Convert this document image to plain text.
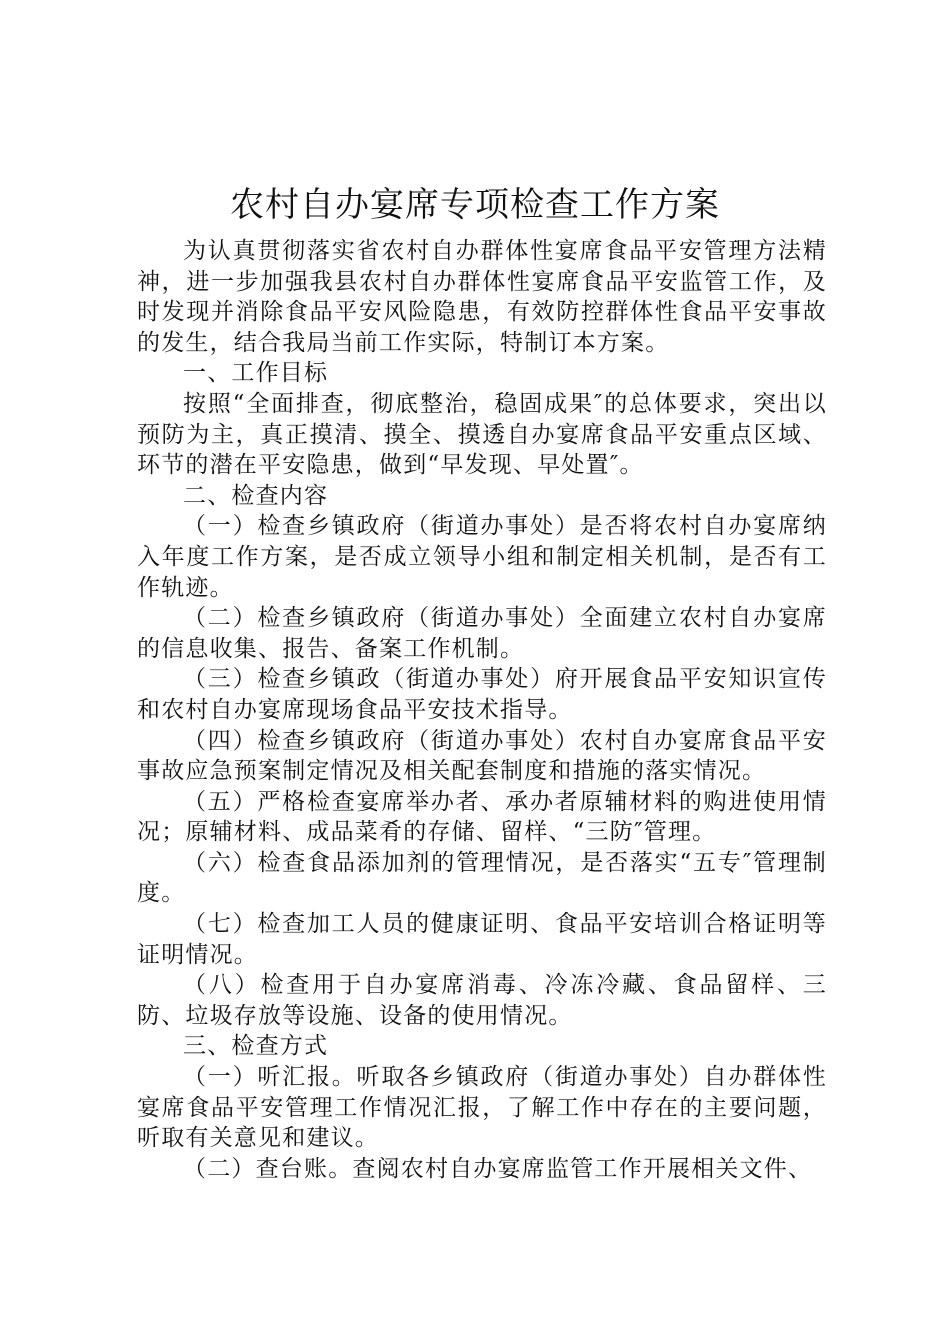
农村自办宴席专项检查工作方案

为认真贯彻落实省农村自办群体性宴席食品平安管理方法精神，进一步加强我县农村自办群体性宴席食品平安监管工作，及时发现并消除食品平安风险隐患，有效防控群体性食品平安事故的发生，结合我局当前工作实际，特制订本方案。

一、工作目标

按照“全面排查，彻底整治，稳固成果″的总体要求，突出以预防为主，真正摸清、摸全、摸透自办宴席食品平安重点区域、环节的潜在平安隐患，做到“早发现、早处置″。

二、检查内容

（一）检查乡镇政府（街道办事处）是否将农村自办宴席纳入年度工作方案，是否成立领导小组和制定相关机制，是否有工作轨迹。

（二）检查乡镇政府（街道办事处）全面建立农村自办宴席的信息收集、报告、备案工作机制。

（三）检查乡镇政（街道办事处）府开展食品平安知识宣传和农村自办宴席现场食品平安技术指导。

（四）检查乡镇政府（街道办事处）农村自办宴席食品平安事故应急预案制定情况及相关配套制度和措施的落实情况。

（五）严格检查宴席举办者、承办者原辅材料的购进使用情况；原辅材料、成品菜肴的存储、留样、“三防″管理。

（六）检查食品添加剂的管理情况，是否落实“五专″管理制度。

（七）检查加工人员的健康证明、食品平安培训合格证明等证明情况。

（八）检查用于自办宴席消毒、冷冻冷藏、食品留样、三防、垃圾存放等设施、设备的使用情况。

三、检查方式

（一）听汇报。听取各乡镇政府（街道办事处）自办群体性宴席食品平安管理工作情况汇报，了解工作中存在的主要问题，听取有关意见和建议。

（二）查台账。查阅农村自办宴席监管工作开展相关文件、
